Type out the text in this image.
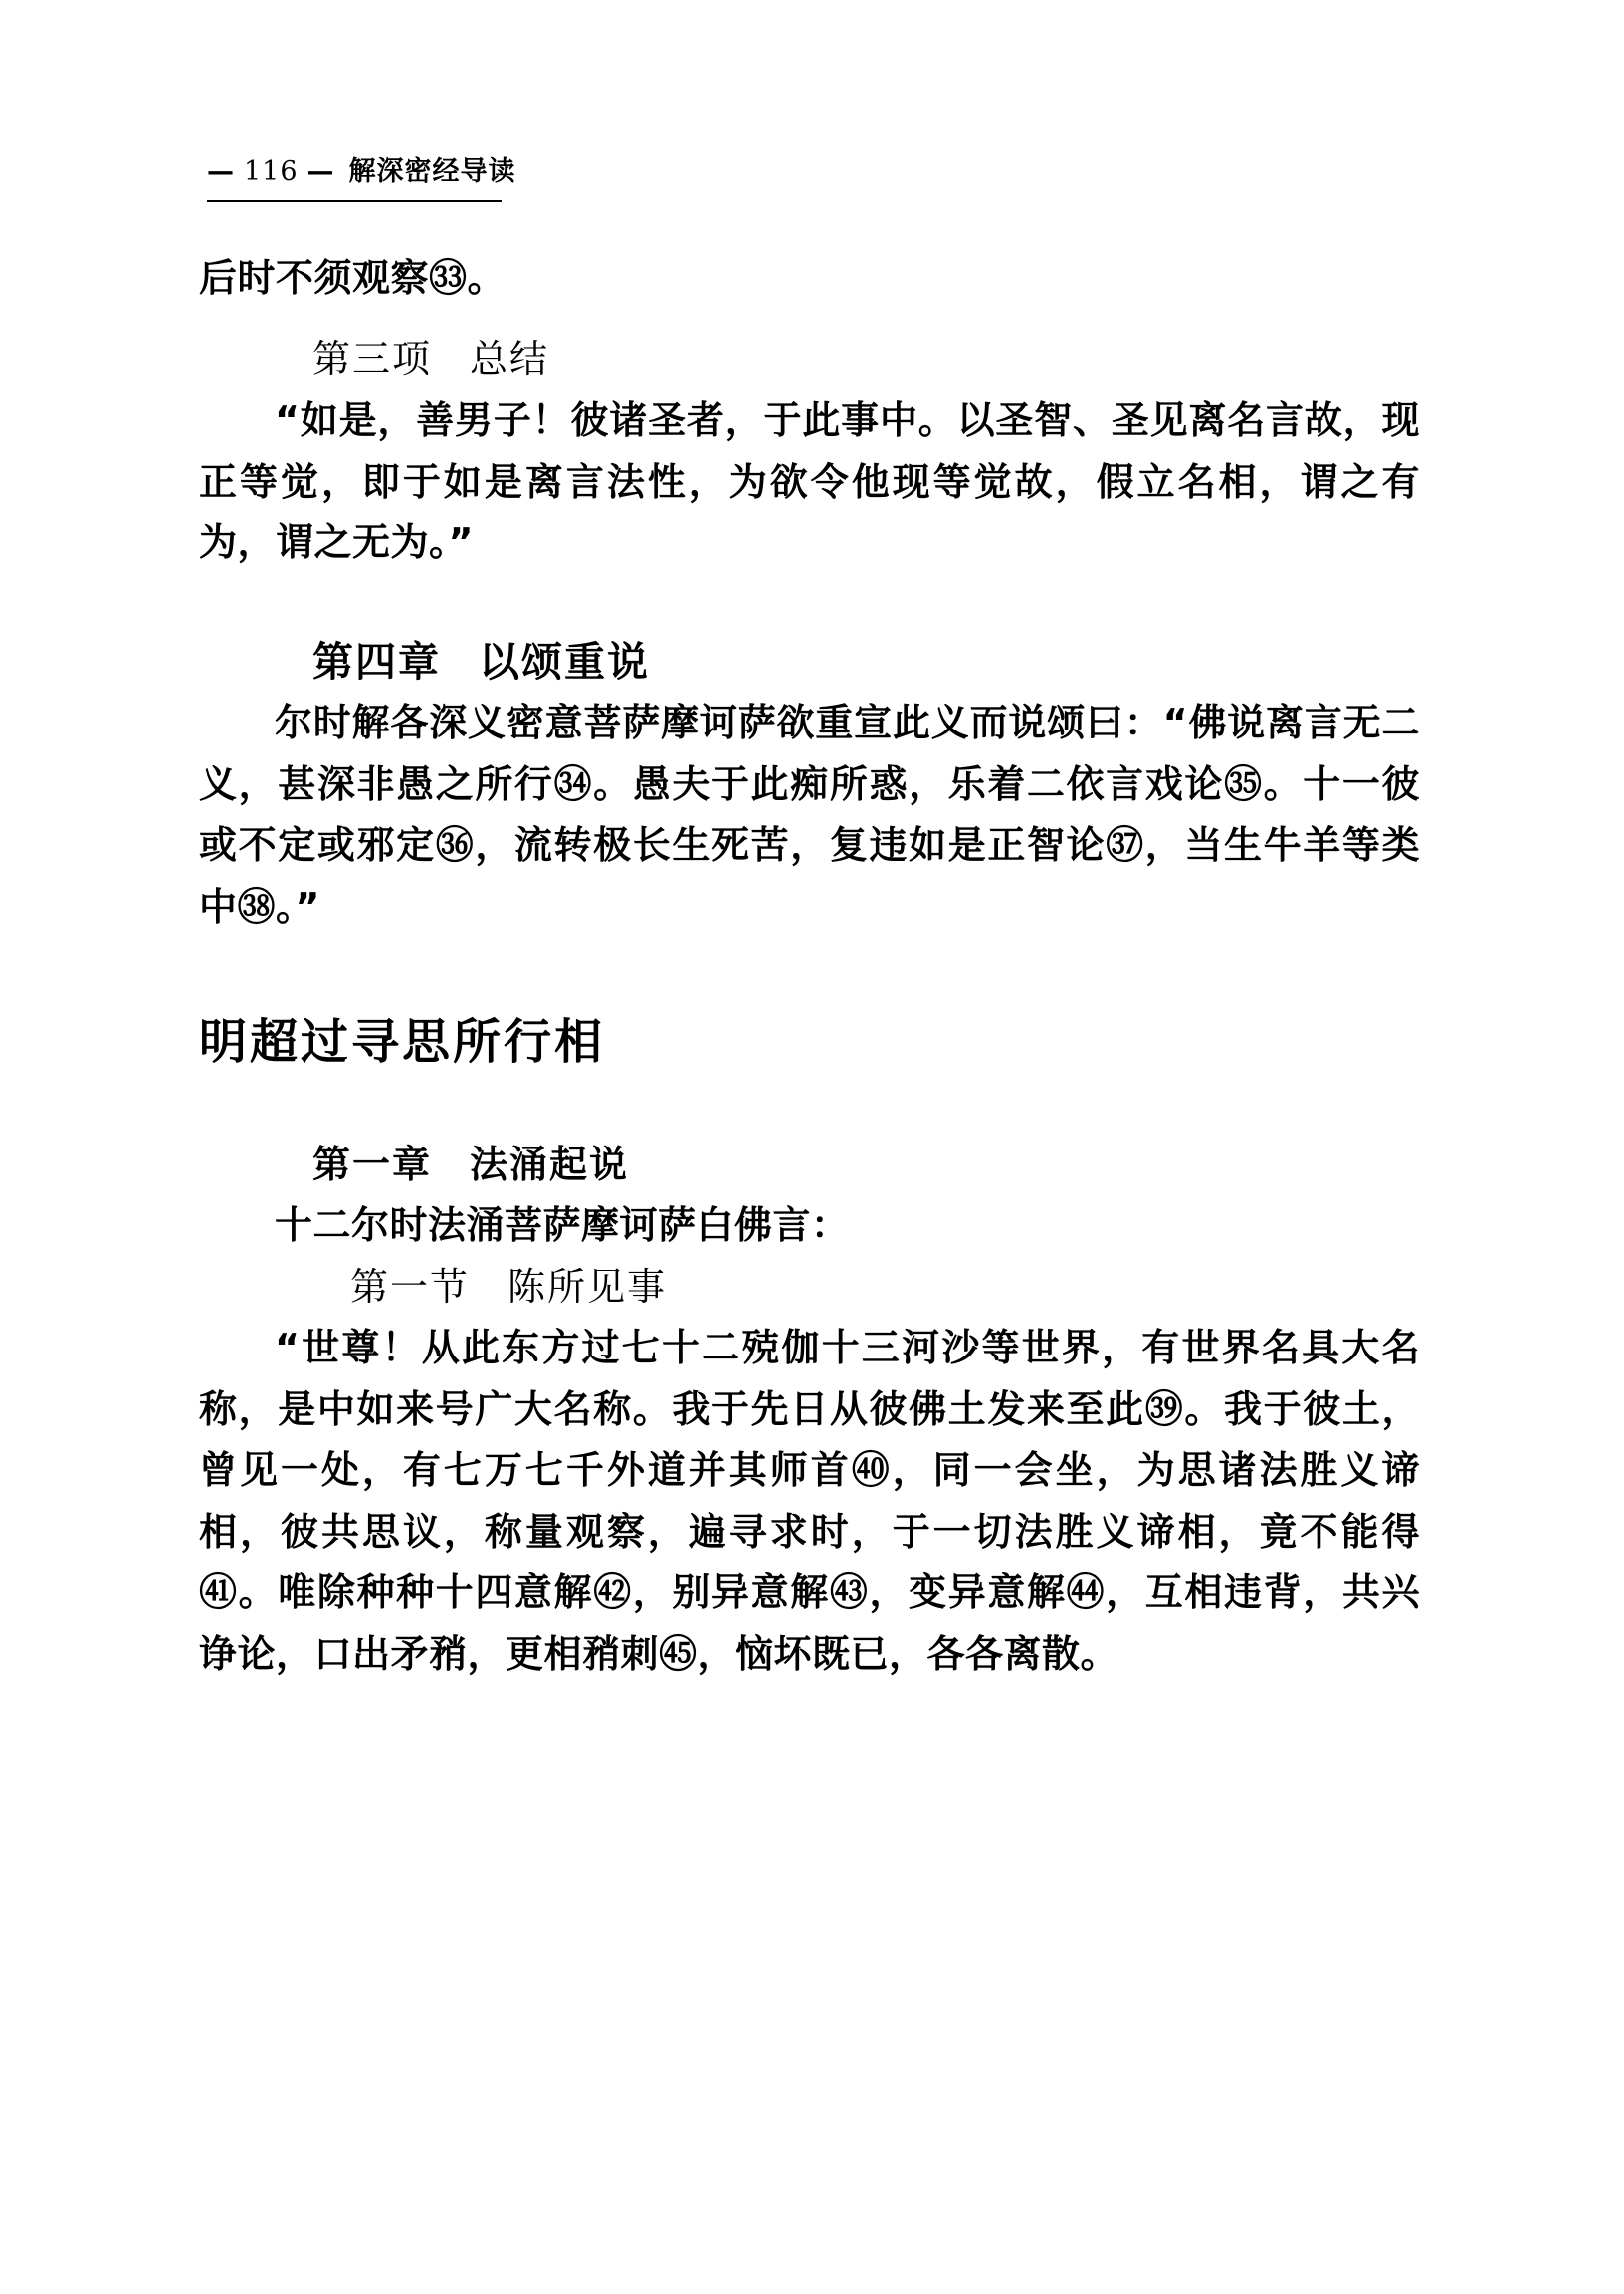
— 116 — 解深密经导读

后时不须观察㉝。

第三项 总结

“如是，善男子！彼诸圣者，于此事中。以圣智、圣见离名言故，现正等觉，即于如是离言法性，为欲令他现等觉故，假立名相，谓之有为，谓之无为。”

第四章 以颂重说

尔时解各深义密意菩萨摩诃萨欲重宣此义而说颂曰：“佛说离言无二义，甚深非愚之所行㉞。愚夫于此痴所惑，乐着二依言戏论㉟。十一彼或不定或邪定㊱，流转极长生死苦，复违如是正智论㊲，当生牛羊等类中㊳。”

明超过寻思所行相
第一章 法涌起说

十二尔时法涌菩萨摩诃萨白佛言：

第一节 陈所见事

“世尊！从此东方过七十二殑伽十三河沙等世界，有世界名具大名称，是中如来号广大名称。我于先日从彼佛土发来至此㊴。我于彼土，曾见一处，有七万七千外道并其师首㊵，同一会坐，为思诸法胜义谛相，彼共思议，称量观察，遍寻求时，于一切法胜义谛相，竟不能得㊶。唯除种种十四意解㊷，别异意解㊸，变异意解㊹，互相违背，共兴诤论，口出矛矟，更相矟刺㊺，恼坏既已，各各离散。
